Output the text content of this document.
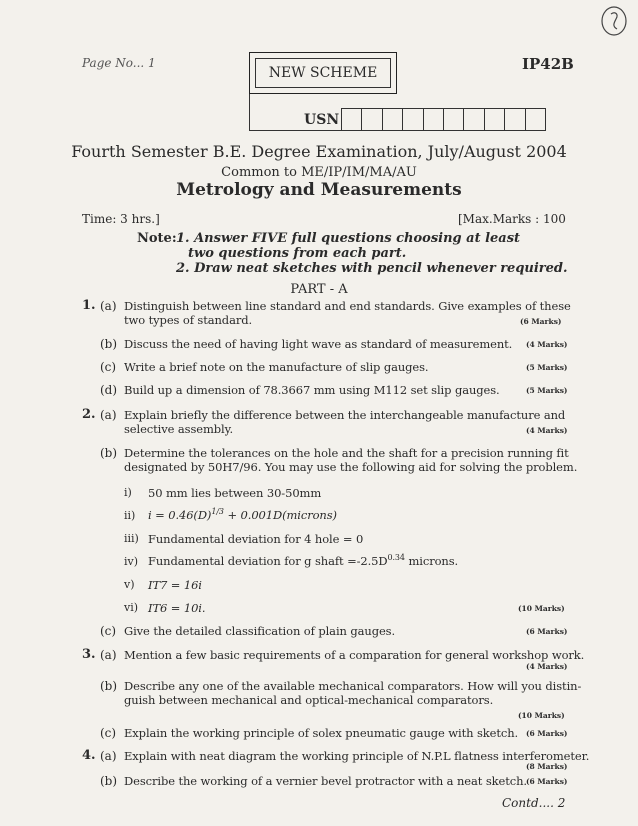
Page No... 1	IP42B
NEW SCHEME
USN
Fourth Semester B.E. Degree Examination, July/August 2004
Common to ME/IP/IM/MA/AU
Metrology and Measurements
Time: 3 hrs.]	[Max.Marks : 100
Note: 1. Answer FIVE full questions choosing at least
two questions from each part.
2. Draw neat sketches with pencil whenever required.
PART - A
1. (a) Distinguish between line standard and end standards. Give examples of these
two types of standard.	(6 Marks)
(b) Discuss the need of having light wave as standard of measurement. (4 Marks)
(c) Write a brief note on the manufacture of slip gauges.	(5 Marks)
(d) Build up a dimension of 78.3667 mm using M112 set slip gauges.	(5 Marks)
2. (a) Explain briefly the difference between the interchangeable manufacture and
selective assembly.	(4 Marks)
(b) Determine the tolerances on the hole and the shaft for a precision running fit
designated by 50H7/96. You may use the following aid for solving the problem.
i) 50 mm lies between 30-50mm
ii) $i = 0.46(D)^{1/3}$ + 0.001D(microns)
iii) Fundamental deviation for 4 hole = 0
iv) Fundamental deviation for g shaft $=-2.5D^{0.34}$ microns.
v) IT7 = 16i
vi) IT6 = 10i.	(10 Marks)
(c) Give the detailed classification of plain gauges.	(6 Marks)
3. (a) Mention a few basic requirements of a comparation for general workshop work.
(4 Marks)
(b) Describe any one of the available mechanical comparators. How will you distin-
guish between mechanical and optical-mechanical comparators.
(10 Marks)
(c) Explain the working principle of solex pneumatic gauge with sketch. (6 Marks)
4. (a) Explain with neat diagram the working principle of N.P.L flatness interferometer.
(8 Marks)
(b) Describe the working of a vernier bevel protractor with a neat sketch. (6 Marks)
Contd.... 2
